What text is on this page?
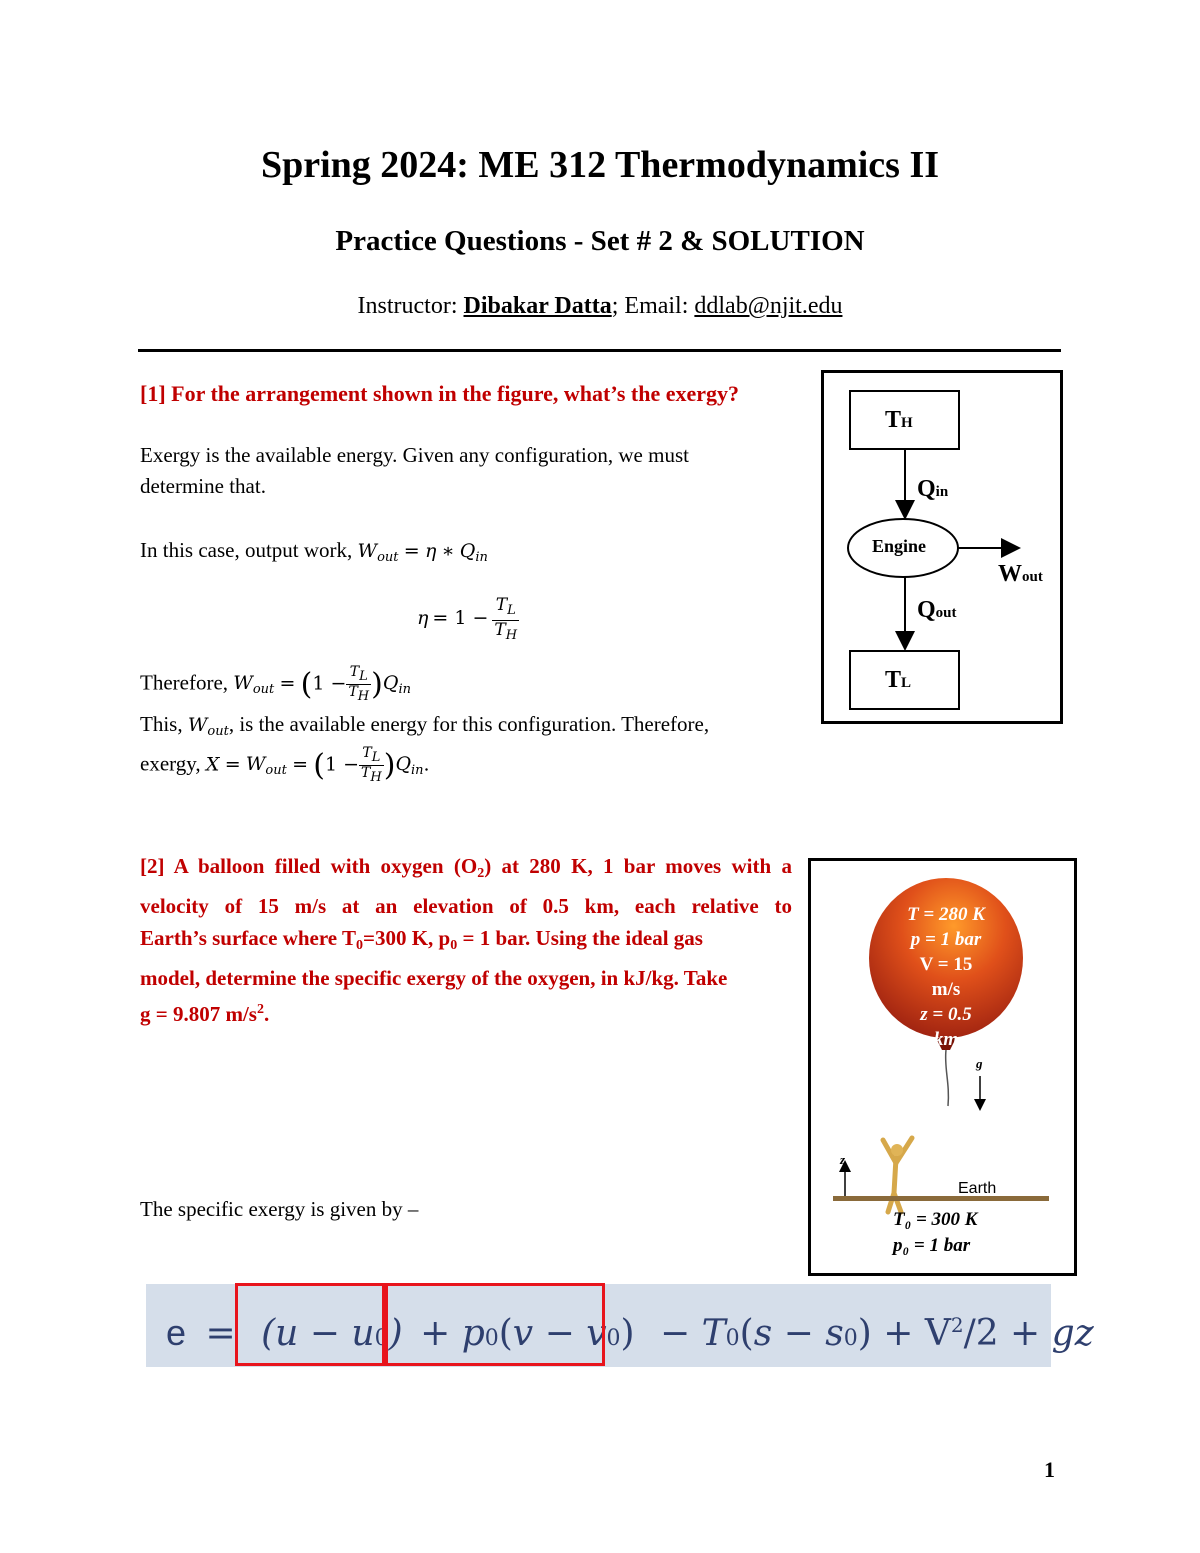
Spring 2024: ME 312 Thermodynamics II
Practice Questions - Set # 2 & SOLUTION
Instructor: Dibakar Datta; Email: ddlab@njit.edu
[1] For the arrangement shown in the figure, what’s the exergy?
Exergy is the available energy. Given any configuration, we must
determine that.
In this case, output work, $W_{out} = \eta$ ∗ $Q_{in}$
$\eta = 1 - \frac{T_L}{T_H}$
Therefore, $W_{out} = (1 - \frac{TL}{TH} )Q_{in}$
This, $W_{out}$, is the available energy for this configuration. Therefore,
exergy, $X = W_{out} = (1 - \frac{TL}{TH} )Q_{in}$.
TH
Qin
Engine
Wout
Qout
TL
[2] A balloon filled with oxygen (O2) at 280 K, 1 bar moves with a
velocity of 15 m/s at an elevation of 0.5 km, each relative to
Earth’s surface where T0=300 K, p0 = 1 bar. Using the ideal gas
model, determine the specific exergy of the oxygen, in kJ/kg. Take
g = 9.807 $m/s^2$.
The specific exergy is given by –
T = 280 K
p = 1 bar
V = 15 m/s
z = 0.5 km
g
z
Earth
T₀ = 300 K
p₀ = 1 bar
$e = (u - u0) + p0(v - v0) - T0(s - s0) + V^2/2$ + gz
1
